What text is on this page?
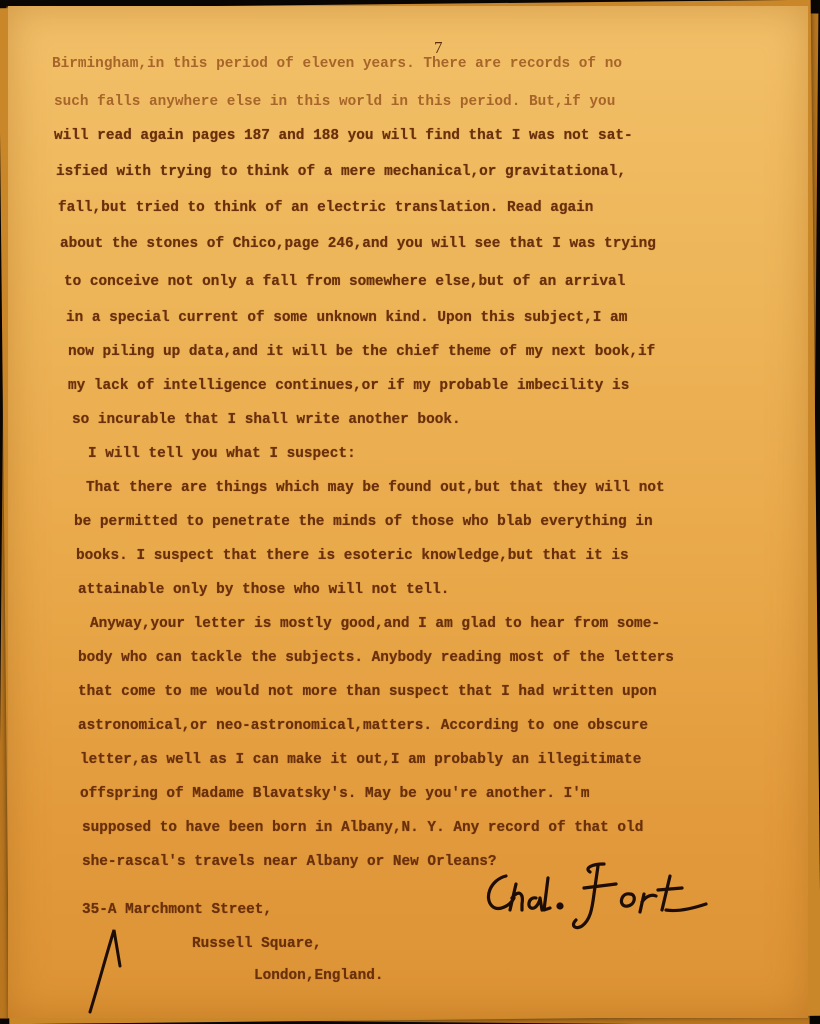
7
Birmingham,in this period of eleven years. There are records of no
such falls anywhere else in this world in this period. But,if you
will read again pages 187 and 188 you will find that I was not sat-
isfied with trying to think of a mere mechanical,or gravitational,
fall,but tried to think of an electric translation. Read again
about the stones of Chico,page 246,and you will see that I was trying
to conceive not only a fall from somewhere else,but of an arrival
in a special current of some unknown kind. Upon this subject,I am
now piling up data,and it will be the chief theme of my next book,if
my lack of intelligence continues,or if my probable imbecility is
so incurable that I shall write another book.
I will tell you what I suspect:
That there are things which may be found out,but that they will not
be permitted to penetrate the minds of those who blab everything in
books. I suspect that there is esoteric knowledge,but that it is
attainable only by those who will not tell.
Anyway,your letter is mostly good,and I am glad to hear from some-
body who can tackle the subjects. Anybody reading most of the letters
that come to me would not more than suspect that I had written upon
astronomical,or neo-astronomical,matters. According to one obscure
letter,as well as I can make it out,I am probably an illegitimate
offspring of Madame Blavatsky's. May be you're another. I'm
supposed to have been born in Albany,N. Y. Any record of that old
she-rascal's travels near Albany or New Orleans?
35-A Marchmont Street,
Russell Square,
London,England.
